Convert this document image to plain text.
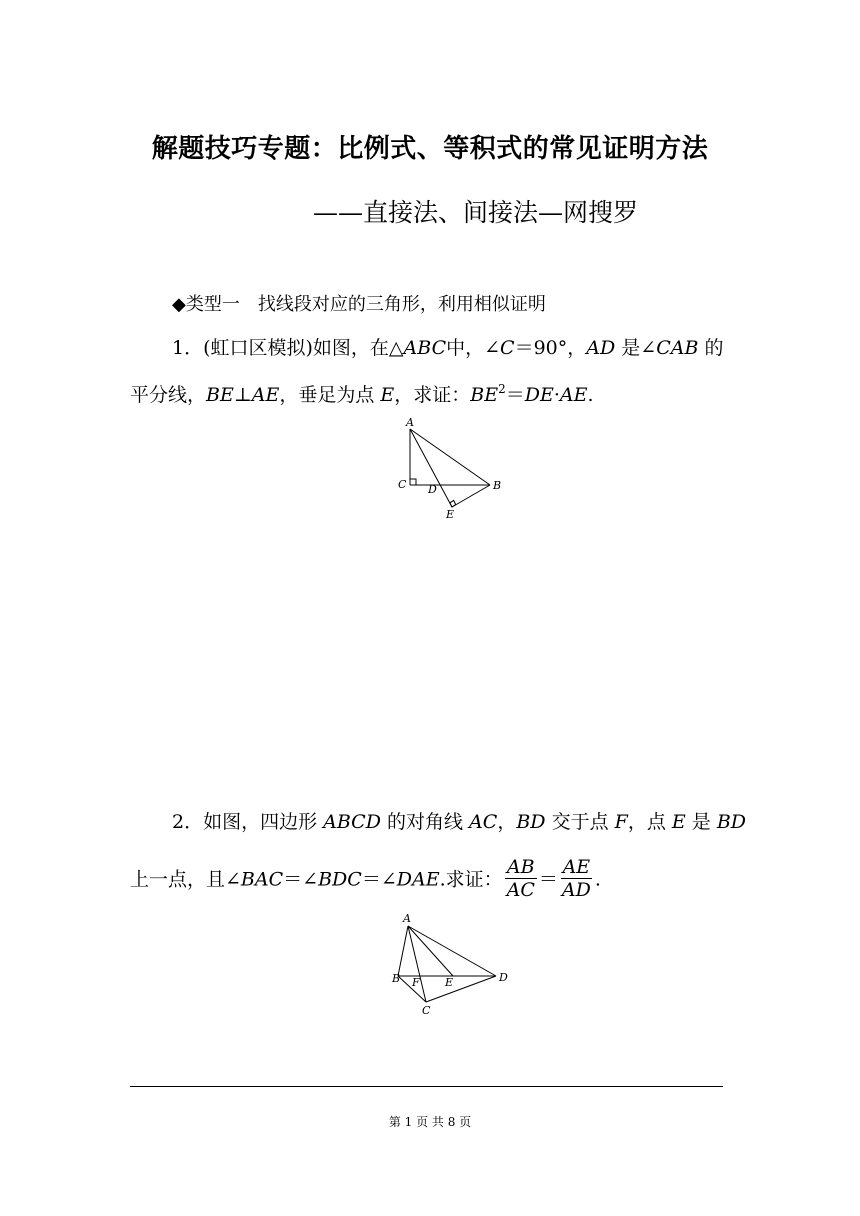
解题技巧专题：比例式、等积式的常见证明方法
——直接法、间接法—网搜罗
◆类型一　找线段对应的三角形，利用相似证明
1．(虹口区模拟)如图，在△ABC中，∠C＝90°，AD 是∠CAB 的
平分线，BE⊥AE，垂足为点 E，求证：$BE^2=DE\cdot AE$.
A
C D	B
E
2．如图，四边形 ABCD 的对角线 AC，BD 交于点 F，点 E 是 BD
上一点，且∠BAC＝∠BDC＝∠DAE.求证： $\frac{AB}{AC} = \frac{AE}{AD}$ .
A
B F E	D
C
第 1 页 共 8 页
